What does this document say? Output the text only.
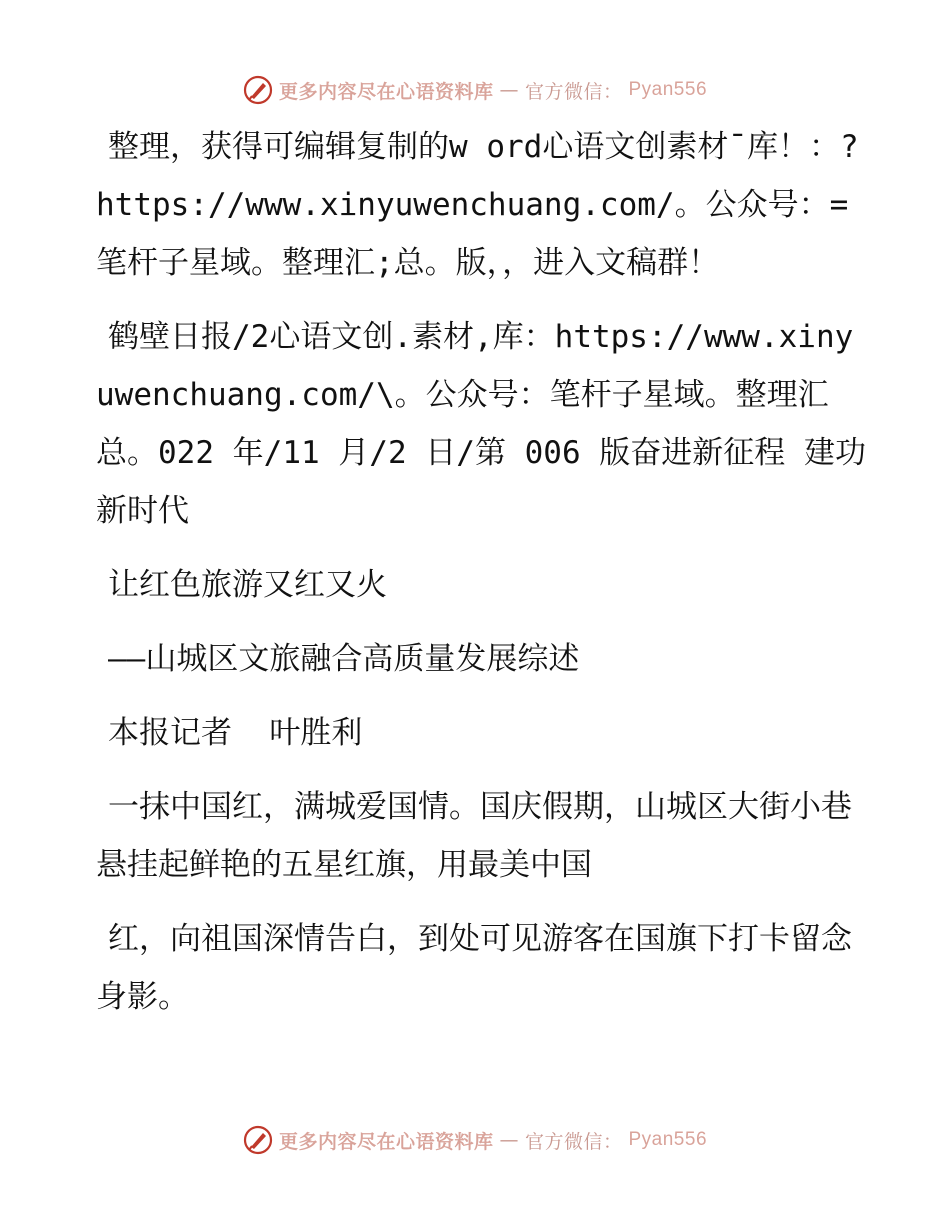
更多内容尽在心语资料库 — 官方微信： Pyan556

整理，获得可编辑复制的w ord心语文创素材¯库！：?https://www.xinyuwenchuang.com/。公众号：=笔杆子星域。整理汇;总。版，，进入文稿群！

鹤壁日报/2心语文创.素材,库：https://www.xinyuwenchuang.com/\。公众号：笔杆子星域。整理汇总。022 年/11 月/2 日/第 006 版奋进新征程 建功新时代

让红色旅游又红又火

——山城区文旅融合高质量发展综述

本报记者  叶胜利

一抹中国红，满城爱国情。国庆假期，山城区大街小巷悬挂起鲜艳的五星红旗，用最美中国

红，向祖国深情告白，到处可见游客在国旗下打卡留念身影。

更多内容尽在心语资料库 — 官方微信： Pyan556
